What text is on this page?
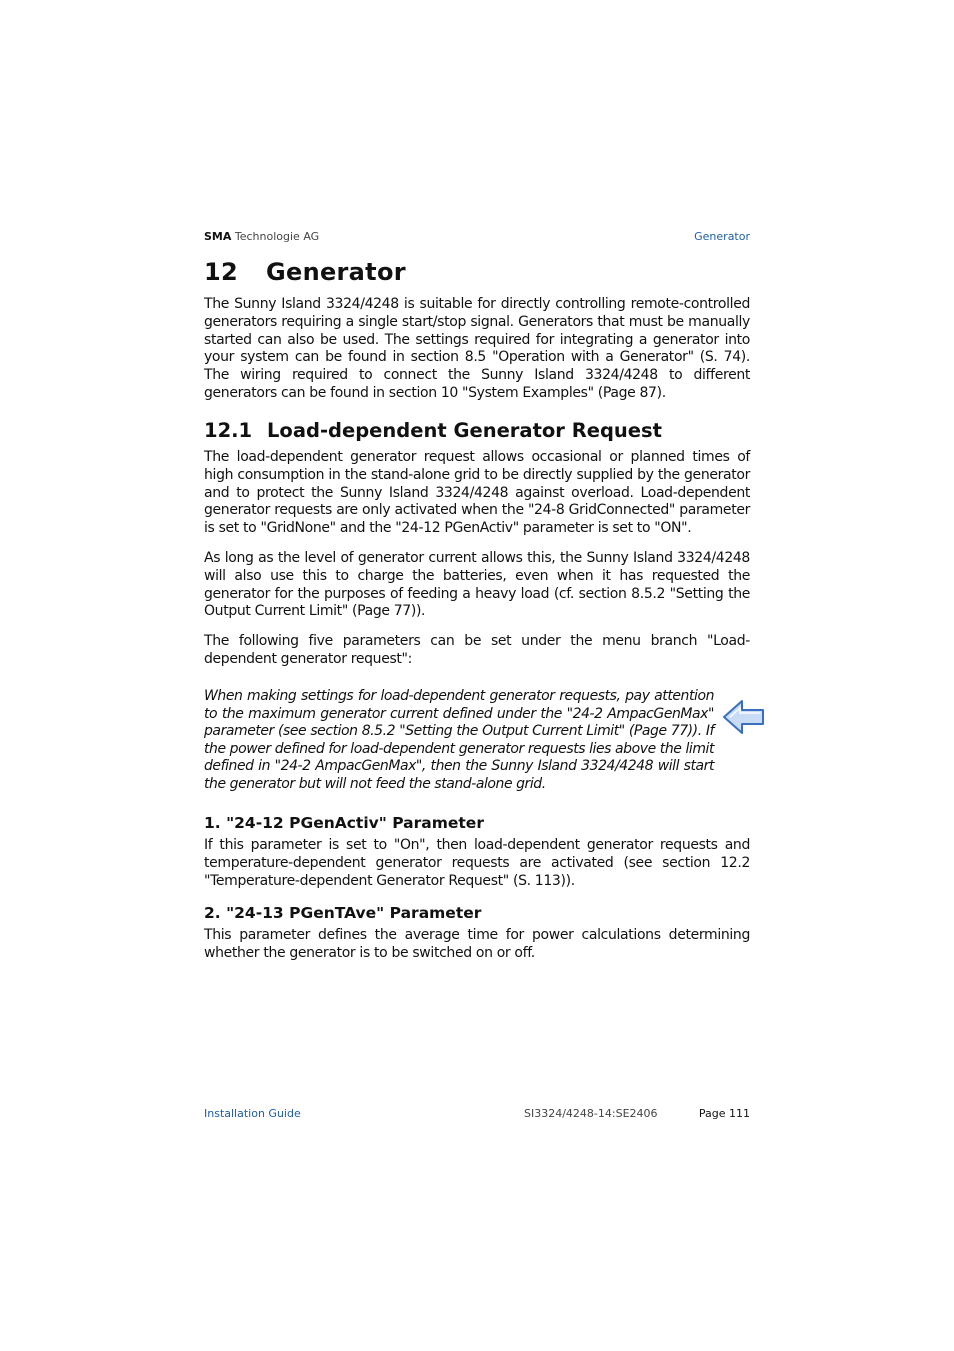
SMA Technologie AG	Generator
12 Generator
The Sunny Island 3324/4248 is suitable for directly controlling remote-controlled generators requiring a single start/stop signal. Generators that must be manually started can also be used. The settings required for integrating a generator into your system can be found in section 8.5 "Operation with a Generator" (S. 74). The wiring required to connect the Sunny Island 3324/4248 to different generators can be found in section 10 "System Examples" (Page 87).
12.1 Load-dependent Generator Request
The load-dependent generator request allows occasional or planned times of high consumption in the stand-alone grid to be directly supplied by the generator and to protect the Sunny Island 3324/4248 against overload. Load-dependent generator requests are only activated when the "24-8 GridConnected" parameter is set to "GridNone" and the "24-12 PGenActiv" parameter is set to "ON".
As long as the level of generator current allows this, the Sunny Island 3324/4248 will also use this to charge the batteries, even when it has requested the generator for the purposes of feeding a heavy load (cf. section 8.5.2 "Setting the Output Current Limit" (Page 77)).
The following five parameters can be set under the menu branch "Load-dependent generator request":
When making settings for load-dependent generator requests, pay attention to the maximum generator current defined under the "24-2 AmpacGenMax" parameter (see section 8.5.2 "Setting the Output Current Limit" (Page 77)). If the power defined for load-dependent generator requests lies above the limit defined in "24-2 AmpacGenMax", then the Sunny Island 3324/4248 will start the generator but will not feed the stand-alone grid.
1. "24-12 PGenActiv" Parameter
If this parameter is set to "On", then load-dependent generator requests and temperature-dependent generator requests are activated (see section 12.2 "Temperature-dependent Generator Request" (S. 113)).
2. "24-13 PGenTAve" Parameter
This parameter defines the average time for power calculations determining whether the generator is to be switched on or off.
Installation Guide	SI3324/4248-14:SE2406	Page 111
